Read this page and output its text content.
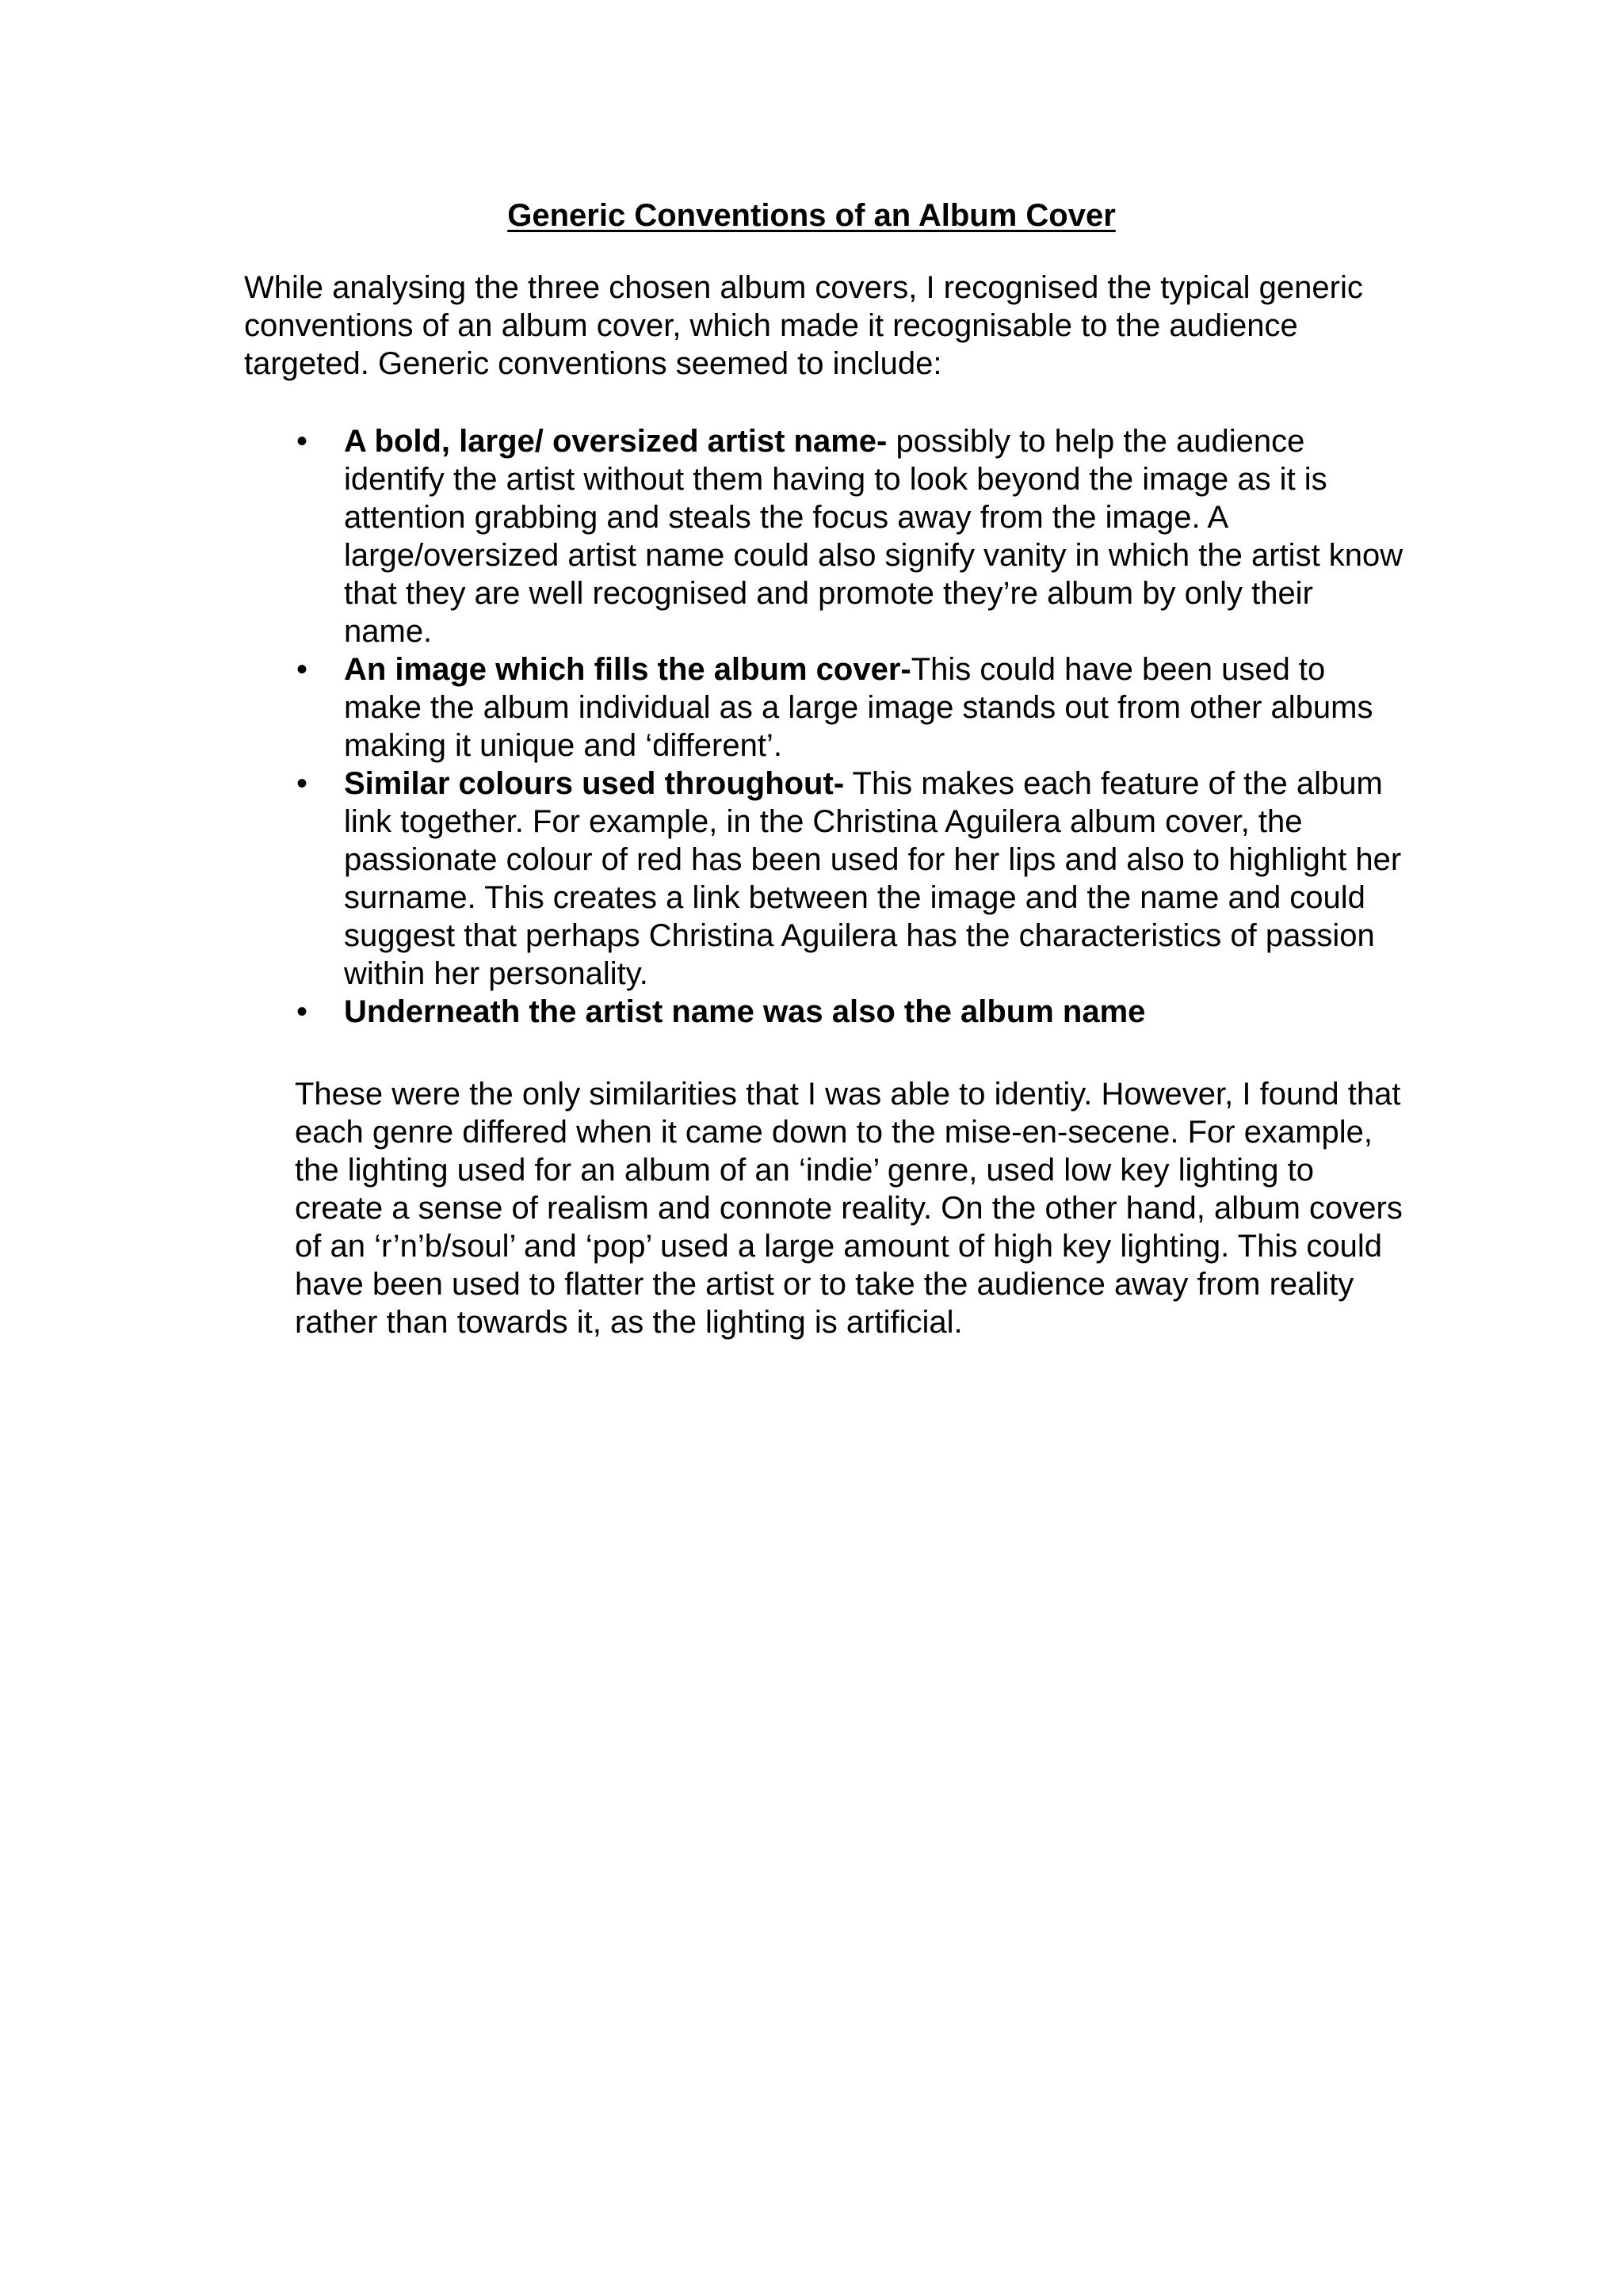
Generic Conventions of an Album Cover

While analysing the three chosen album covers, I recognised the typical generic conventions of an album cover, which made it recognisable to the audience targeted. Generic conventions seemed to include:

• A bold, large/ oversized artist name- possibly to help the audience identify the artist without them having to look beyond the image as it is attention grabbing and steals the focus away from the image. A large/oversized artist name could also signify vanity in which the artist know that they are well recognised and promote they’re album by only their name.
• An image which fills the album cover-This could have been used to make the album individual as a large image stands out from other albums making it unique and ‘different’.
• Similar colours used throughout- This makes each feature of the album link together. For example, in the Christina Aguilera album cover, the passionate colour of red has been used for her lips and also to highlight her surname. This creates a link between the image and the name and could suggest that perhaps Christina Aguilera has the characteristics of passion within her personality.
• Underneath the artist name was also the album name

These were the only similarities that I was able to identiy. However, I found that each genre differed when it came down to the mise-en-secene. For example, the lighting used for an album of an ‘indie’ genre, used low key lighting to create a sense of realism and connote reality. On the other hand, album covers of an ‘r’n’b/soul’ and ‘pop’ used a large amount of high key lighting. This could have been used to flatter the artist or to take the audience away from reality rather than towards it, as the lighting is artificial.
